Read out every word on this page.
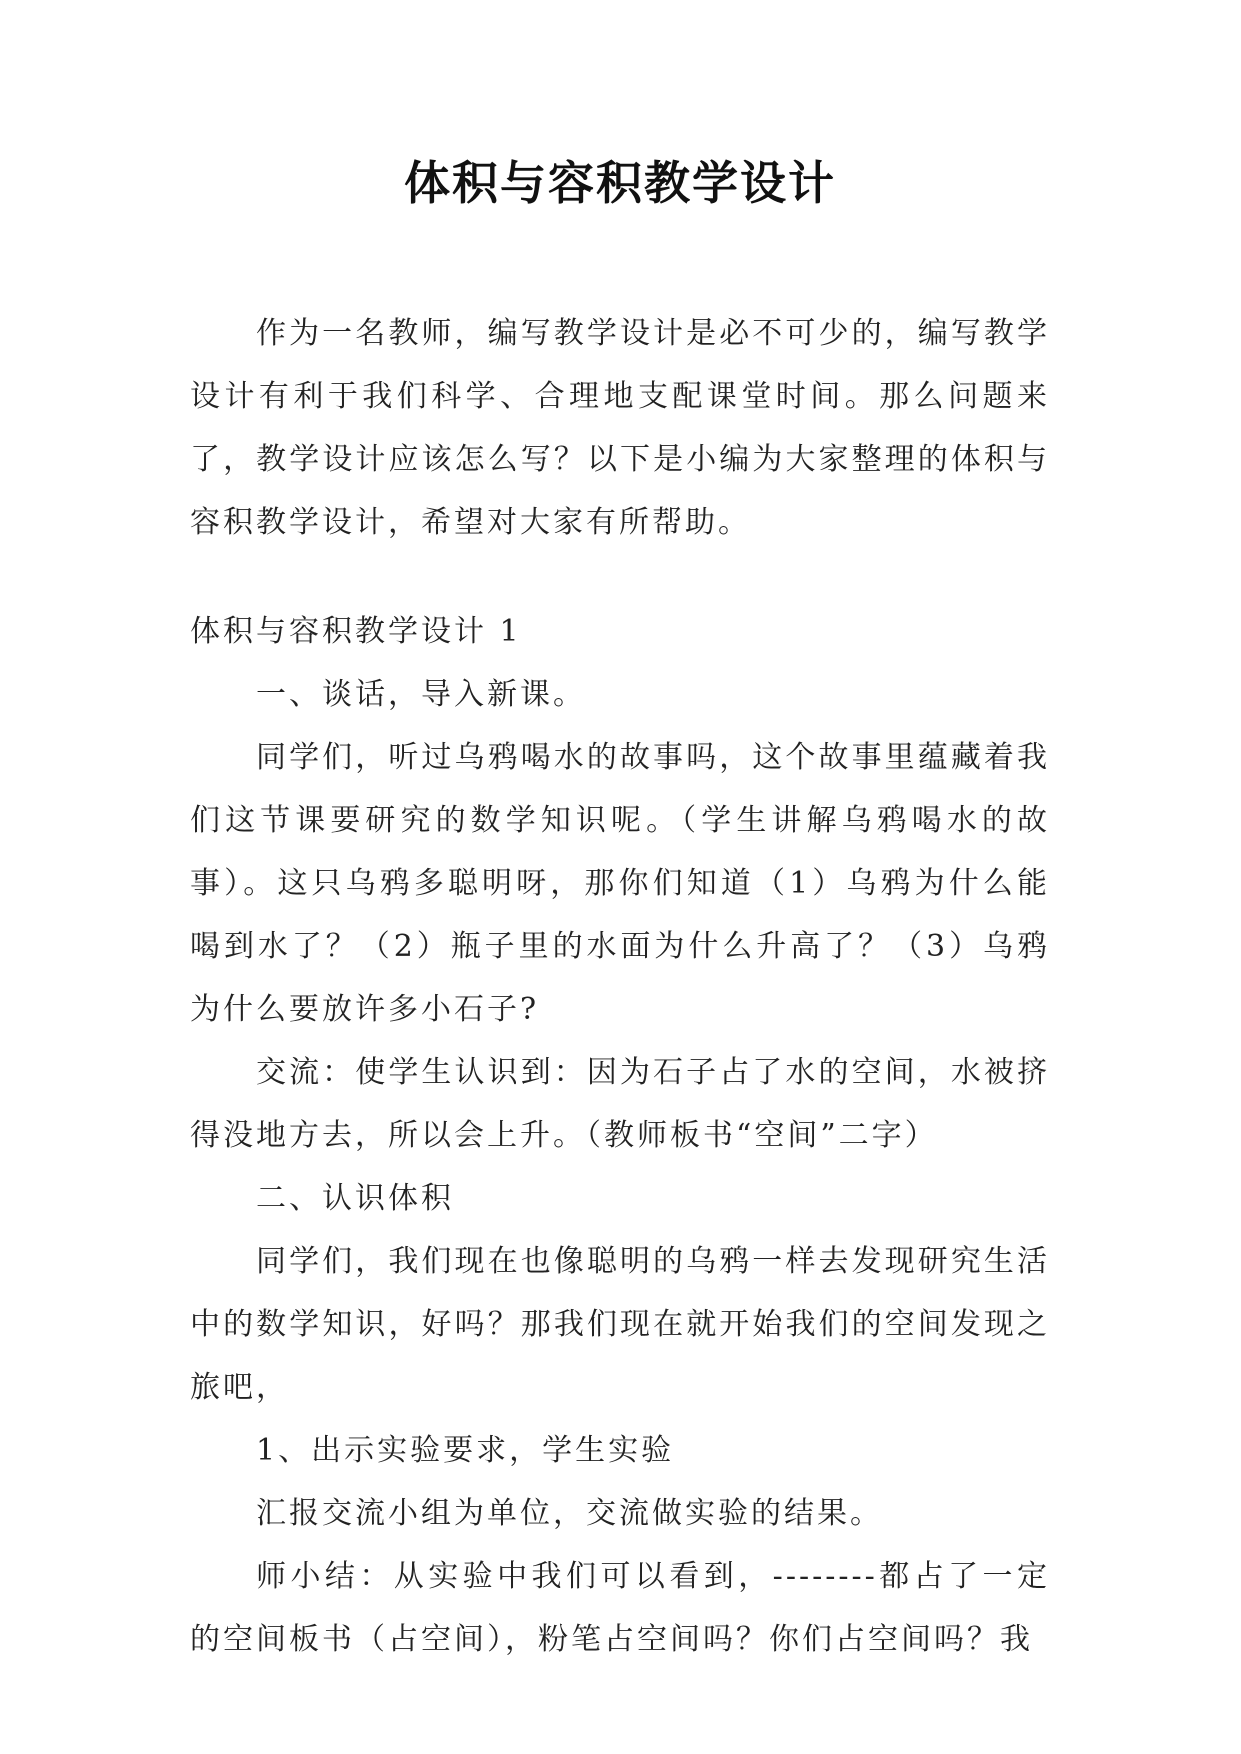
体积与容积教学设计

作为一名教师，编写教学设计是必不可少的，编写教学设计有利于我们科学、合理地支配课堂时间。那么问题来了，教学设计应该怎么写？以下是小编为大家整理的体积与容积教学设计，希望对大家有所帮助。

体积与容积教学设计 1

一、谈话，导入新课。

同学们，听过乌鸦喝水的故事吗，这个故事里蕴藏着我们这节课要研究的数学知识呢。（学生讲解乌鸦喝水的故事）。这只乌鸦多聪明呀，那你们知道（1）乌鸦为什么能喝到水了？（2）瓶子里的水面为什么升高了？（3）乌鸦为什么要放许多小石子?

交流：使学生认识到：因为石子占了水的空间，水被挤得没地方去，所以会上升。（教师板书“空间”二字）

二、认识体积

同学们，我们现在也像聪明的乌鸦一样去发现研究生活中的数学知识，好吗？那我们现在就开始我们的空间发现之旅吧，

1、出示实验要求，学生实验

汇报交流小组为单位，交流做实验的结果。

师小结：从实验中我们可以看到，--------都占了一定的空间板书（占空间），粉笔占空间吗？你们占空间吗？我
